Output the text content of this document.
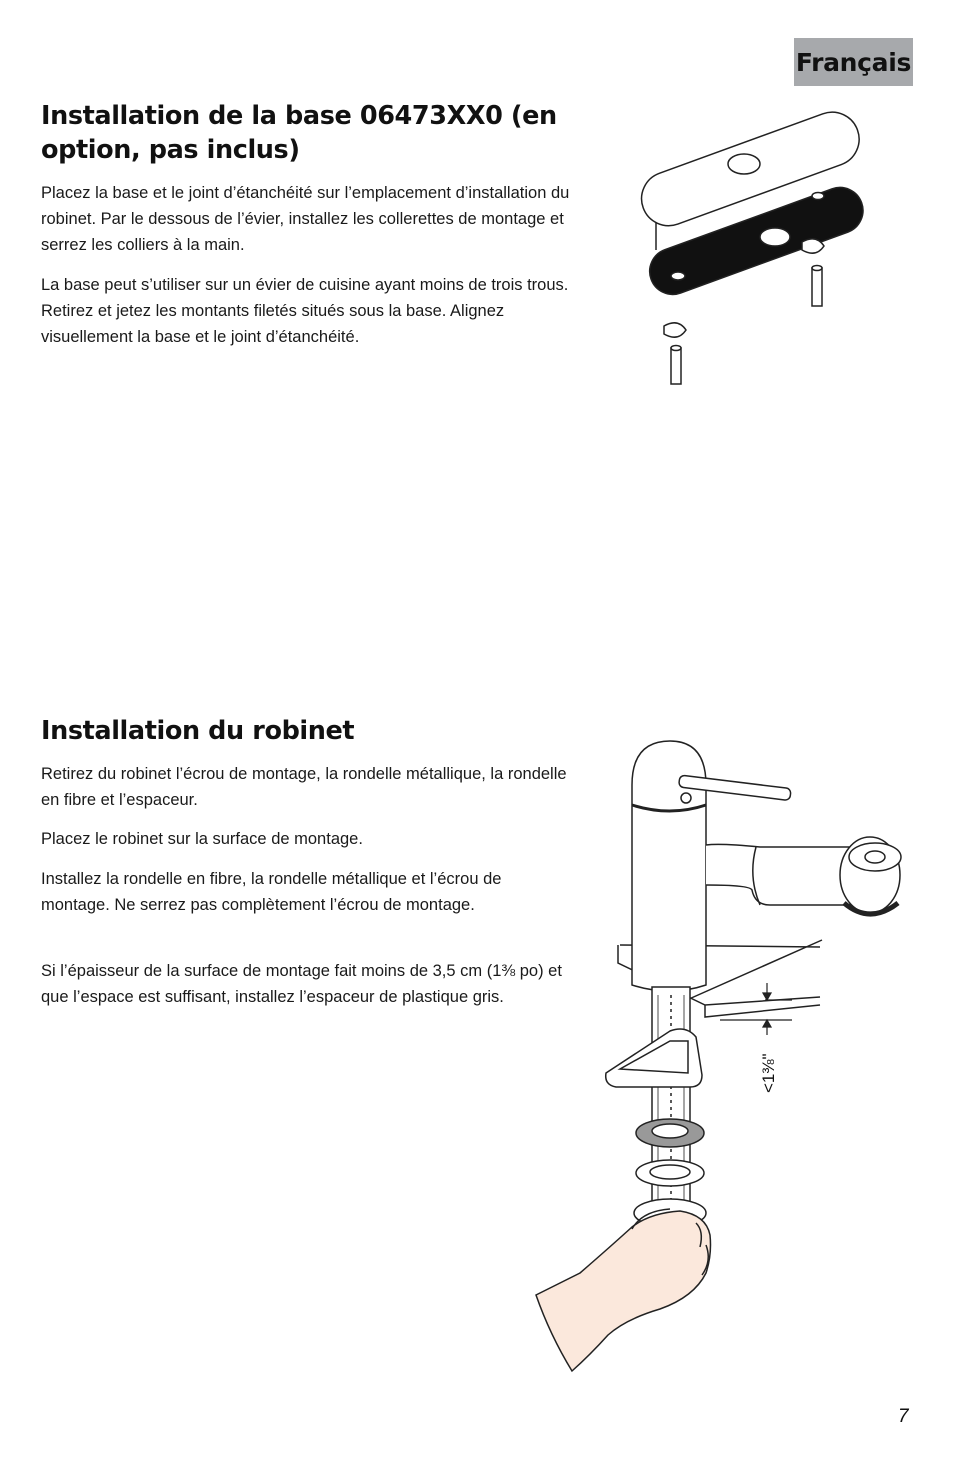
Français
Installation de la base 06473XX0 (en option, pas inclus)

Placez la base et le joint d’étanchéité sur l’emplacement d’installation du robinet. Par le dessous de l’évier, installez les collerettes de montage et serrez les colliers à la main.

La base peut s’utiliser sur un évier de cuisine ayant moins de trois trous. Retirez et jetez les montants filetés situés sous la base. Alignez visuellement la base et le joint d’étanchéité.

Installation du robinet

Retirez du robinet l’écrou de montage, la rondelle métallique, la rondelle en fibre et l’espaceur.

Placez le robinet sur la surface de montage.

Installez la rondelle en fibre, la rondelle métallique et l’écrou de montage. Ne serrez pas complètement l’écrou de montage.

Si l’épaisseur de la surface de montage fait moins de 3,5 cm (1⅜ po) et que l’espace est suffisant, installez l’espaceur de plastique gris.

<1⅜"
7
